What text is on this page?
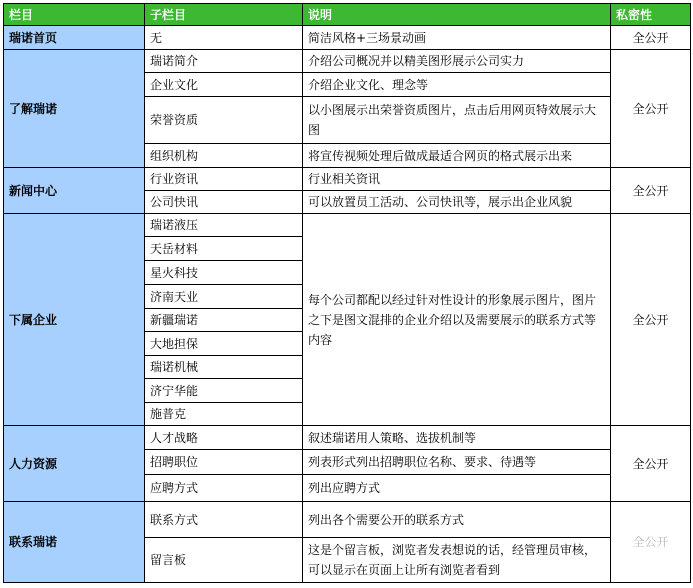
栏目	子栏目	说明	私密性
瑞诺首页	无	简洁风格+三场景动画	全公开
了解瑞诺	瑞诺简介	介绍公司概况并以精美图形展示公司实力	全公开
	企业文化	介绍企业文化、理念等	
	荣誉资质	以小图展示出荣誉资质图片，点击后用网页特效展示大图	
	组织机构	将宣传视频处理后做成最适合网页的格式展示出来	
新闻中心	行业资讯	行业相关资讯	全公开
	公司快讯	可以放置员工活动、公司快讯等，展示出企业风貌	
下属企业	瑞诺液压	每个公司都配以经过针对性设计的形象展示图片，图片之下是图文混排的企业介绍以及需要展示的联系方式等内容	全公开
	天岳材料		
	星火科技		
	济南天业		
	新疆瑞诺		
	大地担保		
	瑞诺机械		
	济宁华能		
	施普克		
人力资源	人才战略	叙述瑞诺用人策略、选拔机制等	全公开
	招聘职位	列表形式列出招聘职位名称、要求、待遇等	
	应聘方式	列出应聘方式	
联系瑞诺	联系方式	列出各个需要公开的联系方式	全公开
	留言板	这是个留言板，浏览者发表想说的话，经管理员审核，可以显示在页面上让所有浏览者看到	
